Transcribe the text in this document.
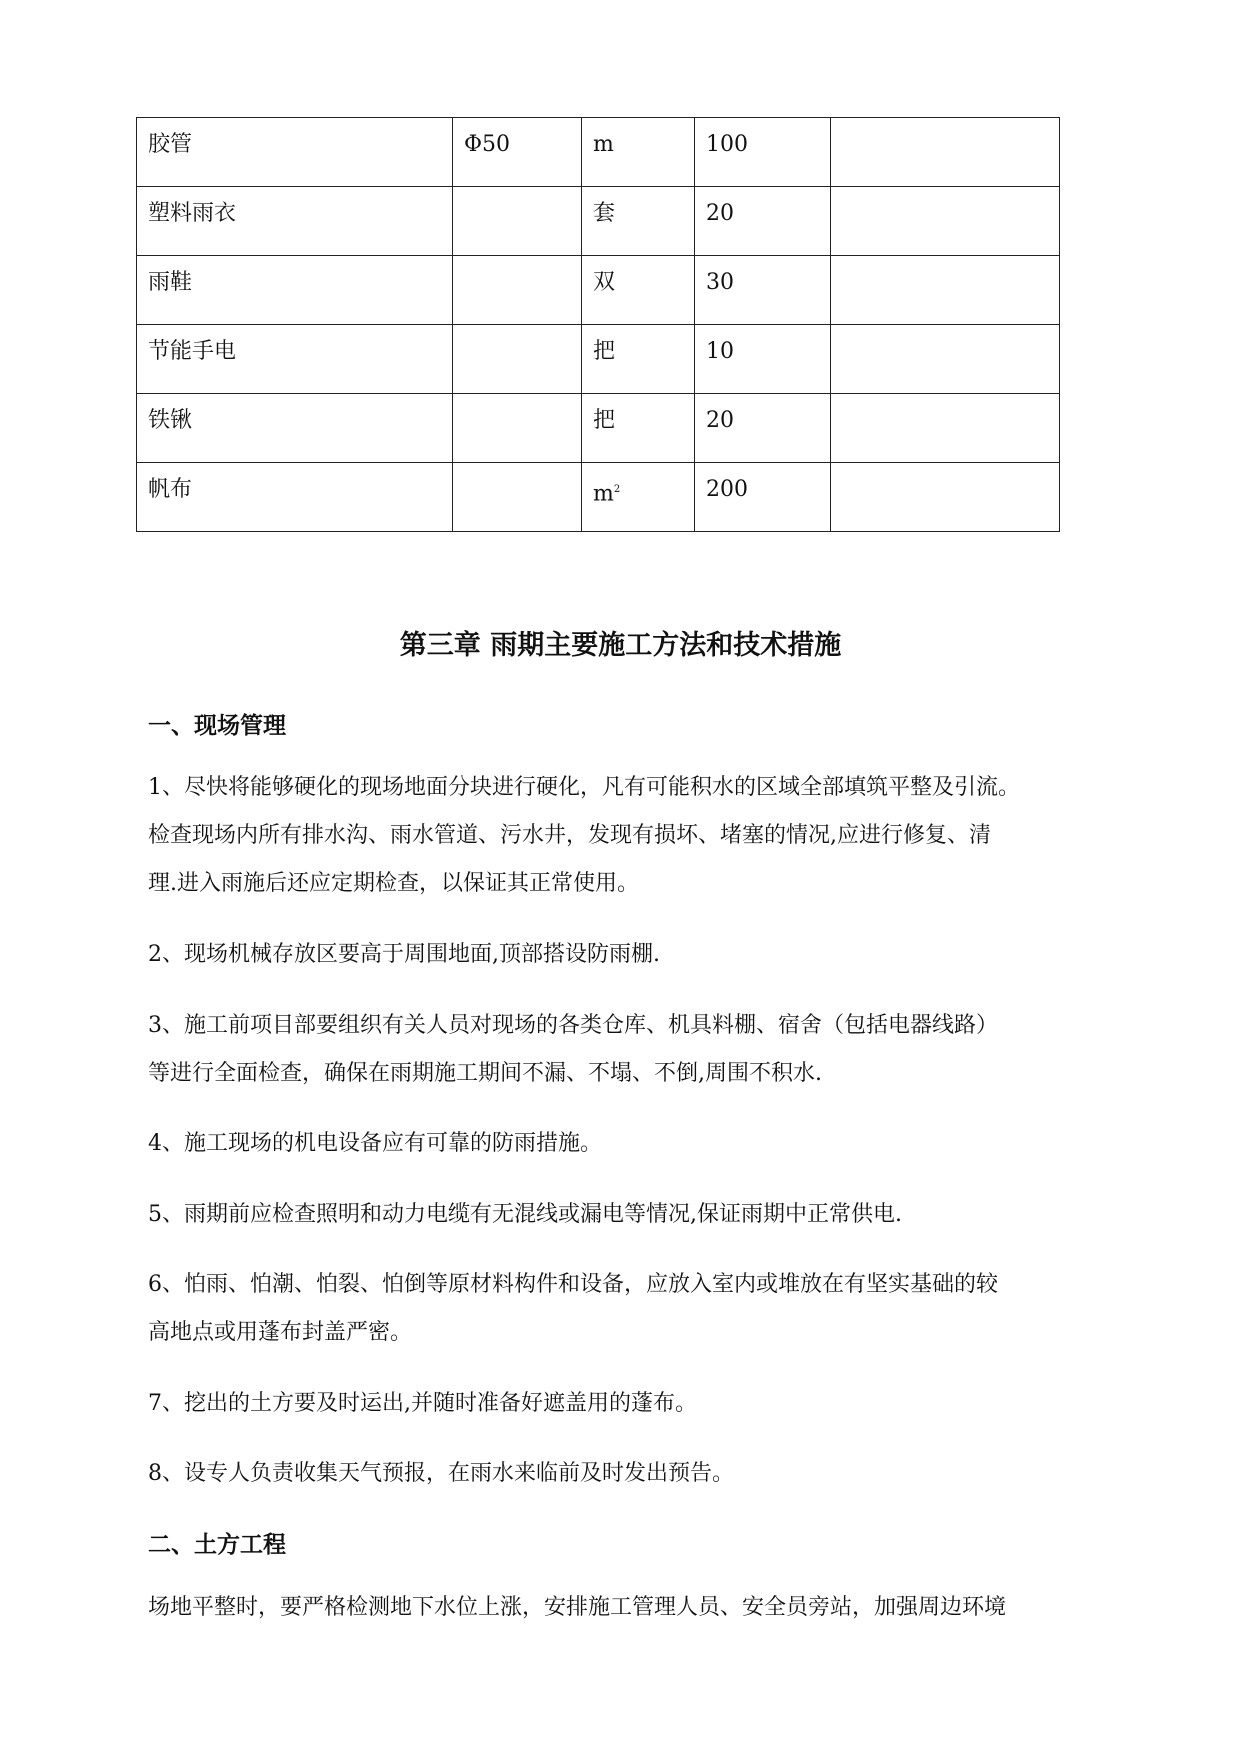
胶管	Φ50	m	100	
塑料雨衣		套	20	
雨鞋		双	30	
节能手电		把	10	
铁锹		把	20	
帆布		$m^2$	200	
第三章 雨期主要施工方法和技术措施
一、现场管理

1、尽快将能够硬化的现场地面分块进行硬化，凡有可能积水的区域全部填筑平整及引流。

检查现场内所有排水沟、雨水管道、污水井，发现有损坏、堵塞的情况,应进行修复、清

理.进入雨施后还应定期检查，以保证其正常使用。

2、现场机械存放区要高于周围地面,顶部搭设防雨棚.

3、施工前项目部要组织有关人员对现场的各类仓库、机具料棚、宿舍（包括电器线路）

等进行全面检查，确保在雨期施工期间不漏、不塌、不倒,周围不积水.

4、施工现场的机电设备应有可靠的防雨措施。

5、雨期前应检查照明和动力电缆有无混线或漏电等情况,保证雨期中正常供电.

6、怕雨、怕潮、怕裂、怕倒等原材料构件和设备，应放入室内或堆放在有坚实基础的较

高地点或用蓬布封盖严密。

7、挖出的土方要及时运出,并随时准备好遮盖用的蓬布。

8、设专人负责收集天气预报，在雨水来临前及时发出预告。

二、土方工程

场地平整时，要严格检测地下水位上涨，安排施工管理人员、安全员旁站，加强周边环境
